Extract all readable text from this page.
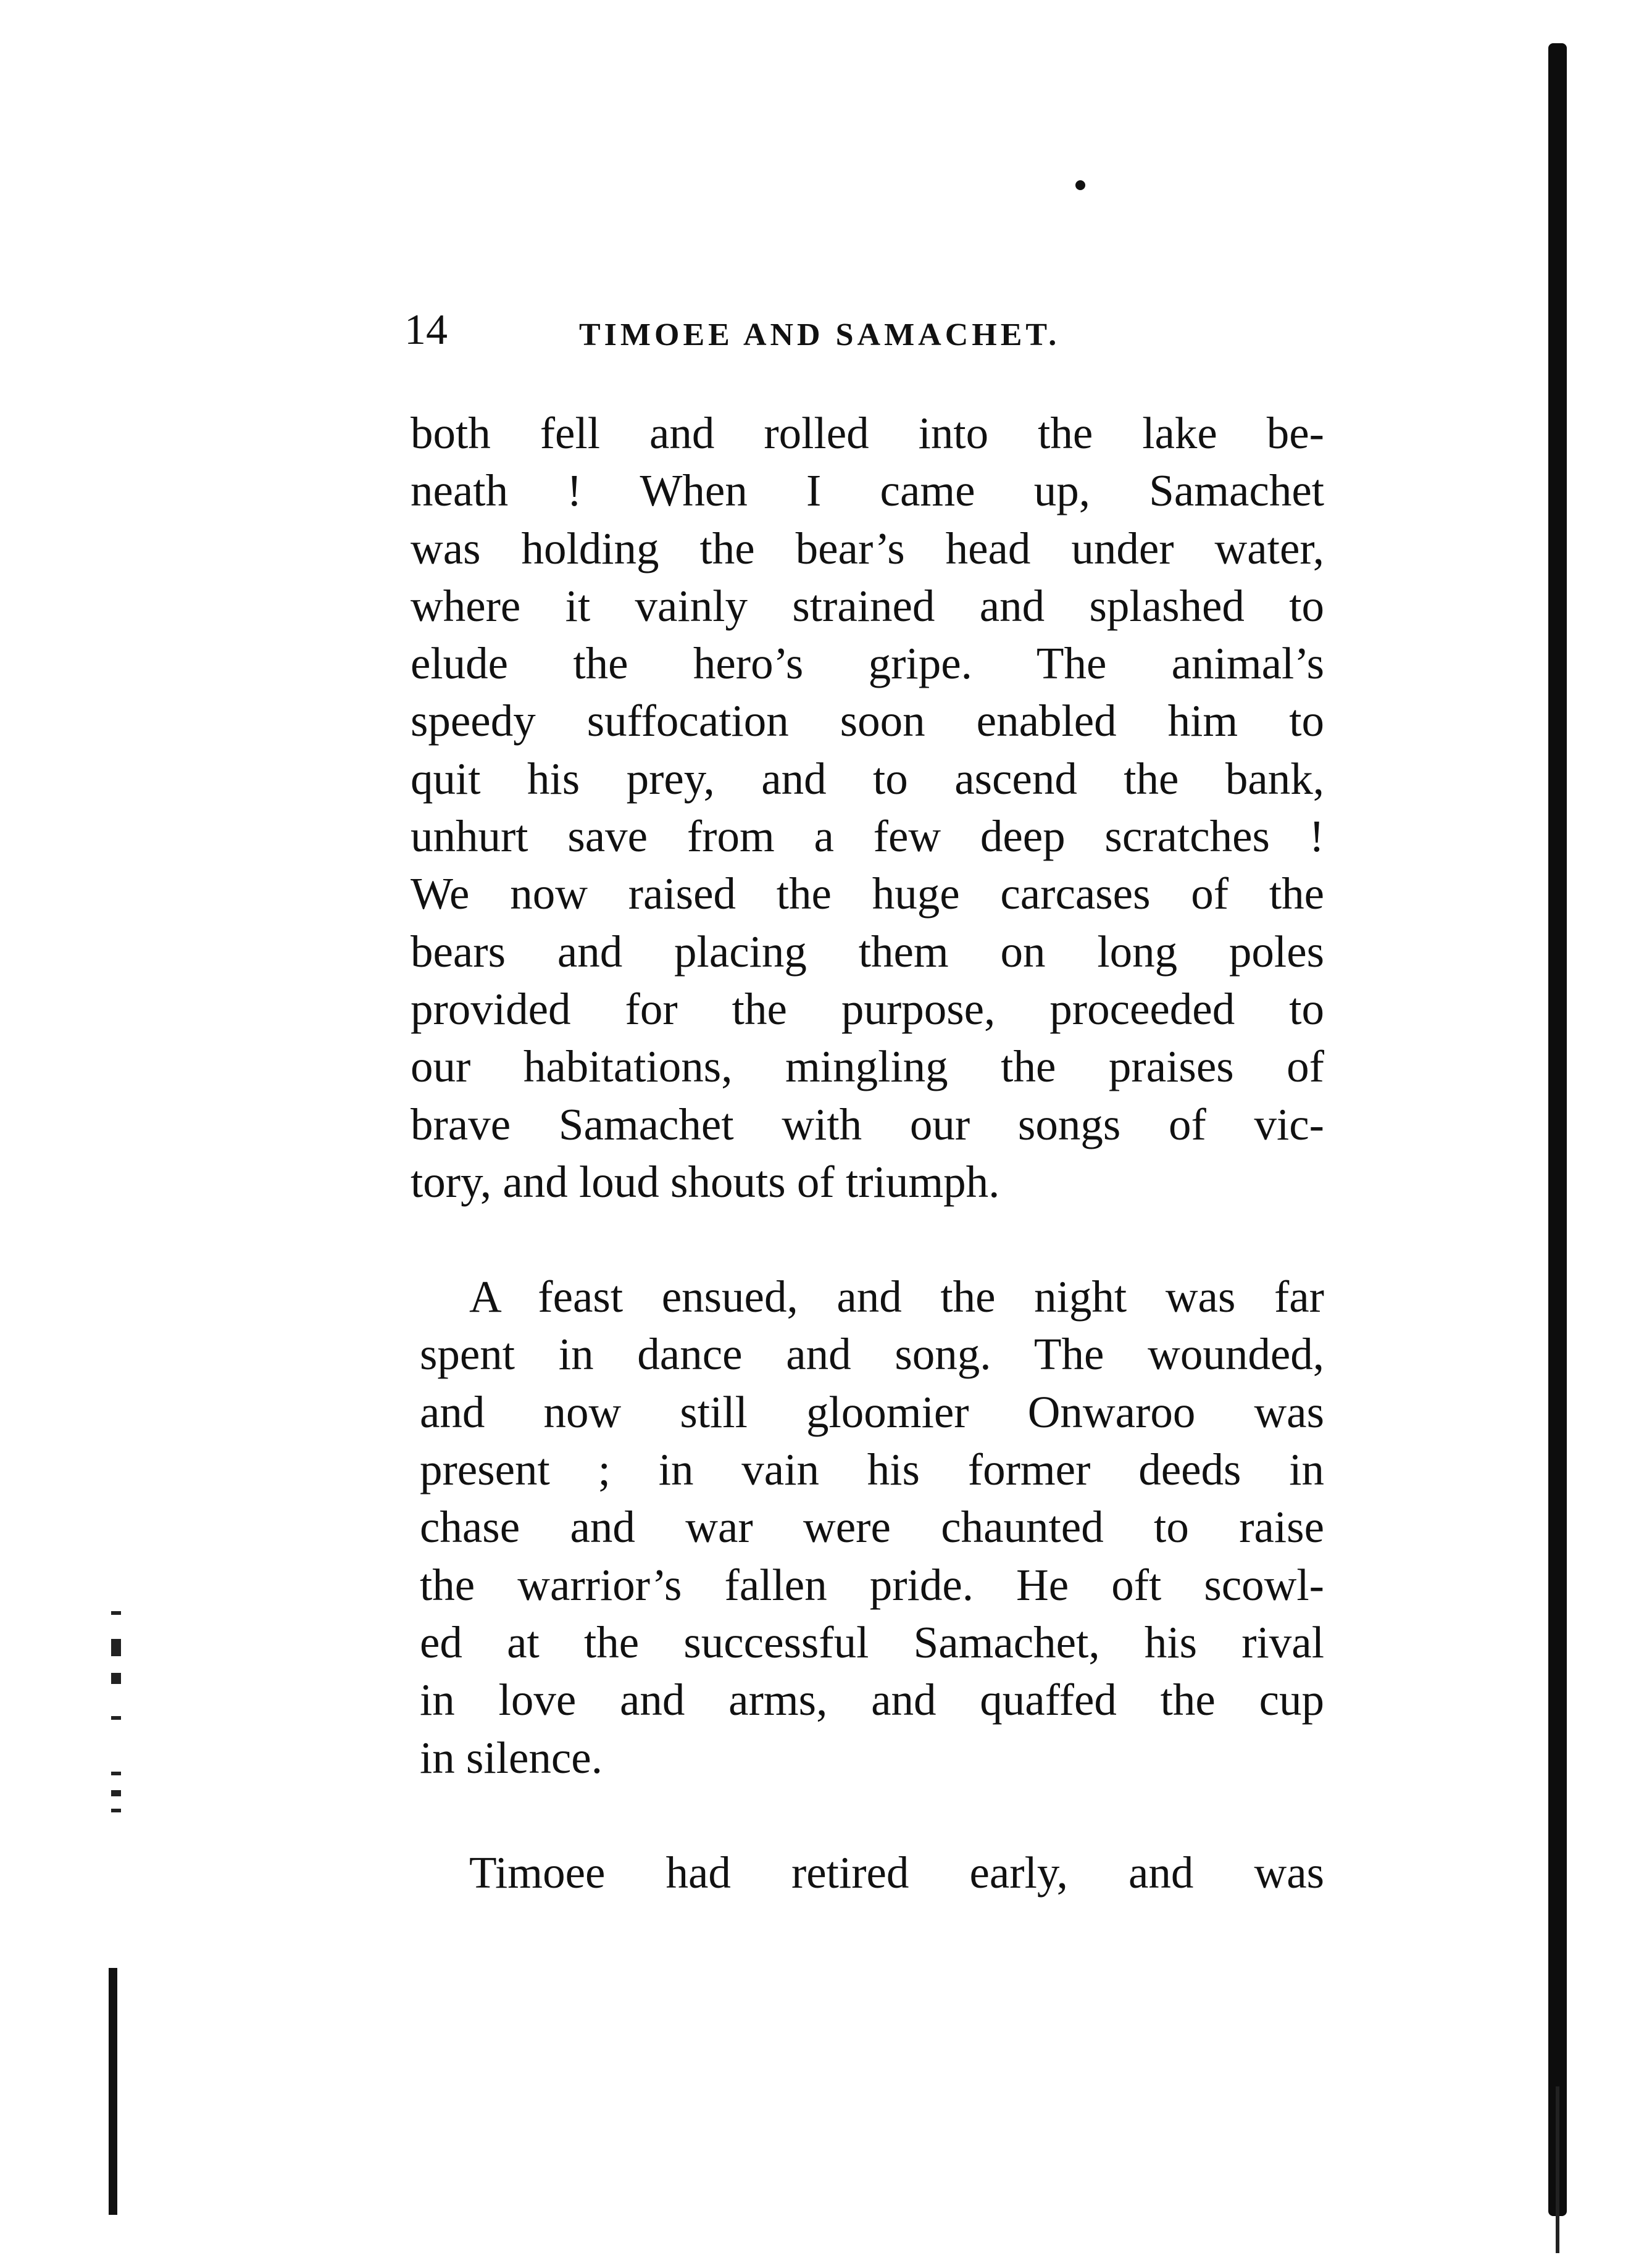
14	TIMOEE AND SAMACHET.
both fell and rolled into the lake be-
neath ! When I came up, Samachet
was holding the bear’s head under water,
where it vainly strained and splashed to
elude the hero’s gripe. The animal’s
speedy suffocation soon enabled him to
quit his prey, and to ascend the bank,
unhurt save from a few deep scratches !
We now raised the huge carcases of the
bears and placing them on long poles
provided for the purpose, proceeded to
our habitations, mingling the praises of
brave Samachet with our songs of vic-
tory, and loud shouts of triumph.
A feast ensued, and the night was far
spent in dance and song. The wounded,
and now still gloomier Onwaroo was
present ; in vain his former deeds in
chase and war were chaunted to raise
the warrior’s fallen pride. He oft scowl-
ed at the successful Samachet, his rival
in love and arms, and quaffed the cup
in silence.
Timoee had retired early, and was
